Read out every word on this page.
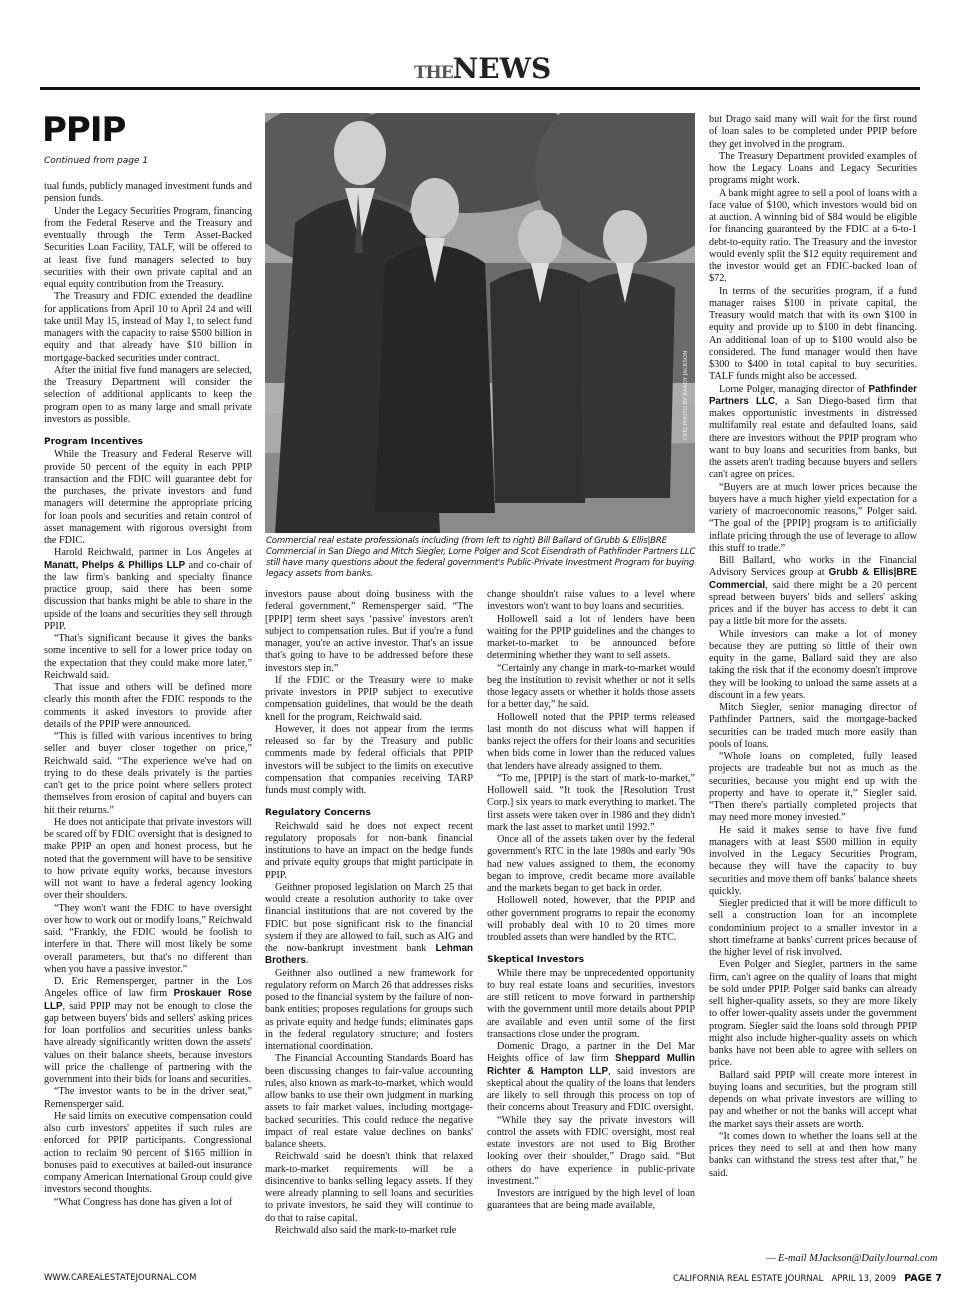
THENEWS
PPIP
Continued from page 1
CREJ PHOTO BY RANDY JACKSON
Commercial real estate professionals including (from left to right) Bill Ballard of Grubb & Ellis|BRE Commercial in San Diego and Mitch Siegler, Lorne Polger and Scot Eisendrath of Pathfinder Partners LLC still have many questions about the federal government's Public-Private Investment Program for buying legacy assets from banks.

tual funds, publicly managed investment funds and pension funds.

Under the Legacy Securities Program, financing from the Federal Reserve and the Treasury and eventually through the Term Asset-Backed Securities Loan Facility, TALF, will be offered to at least five fund managers selected to buy securities with their own private capital and an equal equity contribution from the Treasury.

The Treasury and FDIC extended the deadline for applications from April 10 to April 24 and will take until May 15, instead of May 1, to select fund managers with the capacity to raise $500 billion in equity and that already have $10 billion in mortgage-backed securities under contract.

After the initial five fund managers are selected, the Treasury Department will consider the selection of additional applicants to keep the program open to as many large and small private investors as possible.

Program Incentives

While the Treasury and Federal Reserve will provide 50 percent of the equity in each PPIP transaction and the FDIC will guarantee debt for the purchases, the private investors and fund managers will determine the appropriate pricing for loan pools and securities and retain control of asset management with rigorous oversight from the FDIC.

Harold Reichwald, partner in Los Angeles at Manatt, Phelps & Phillips LLP and co-chair of the law firm's banking and specialty finance practice group, said there has been some discussion that banks might be able to share in the upside of the loans and securities they sell through PPIP.

“That's significant because it gives the banks some incentive to sell for a lower price today on the expectation that they could make more later,” Reichwald said.

That issue and others will be defined more clearly this month after the FDIC responds to the comments it asked investors to provide after details of the PPIP were announced.

“This is filled with various incentives to bring seller and buyer closer together on price,” Reichwald said. “The experience we've had on trying to do these deals privately is the parties can't get to the price point where sellers protect themselves from erosion of capital and buyers can hit their returns.”

He does not anticipate that private investors will be scared off by FDIC oversight that is designed to make PPIP an open and honest process, but he noted that the government will have to be sensitive to how private equity works, because investors will not want to have a federal agency looking over their shoulders.

“They won't want the FDIC to have oversight over how to work out or modify loans,” Reichwald said. “Frankly, the FDIC would be foolish to interfere in that. There will most likely be some overall parameters, but that's no different than when you have a passive investor.”

D. Eric Remensperger, partner in the Los Angeles office of law firm Proskauer Rose LLP, said PPIP may not be enough to close the gap between buyers' bids and sellers' asking prices for loan portfolios and securities unless banks have already significantly written down the assets' values on their balance sheets, because investors will price the challenge of partnering with the government into their bids for loans and securities.

“The investor wants to be in the driver seat,” Remensperger said.

He said limits on executive compensation could also curb investors' appetites if such rules are enforced for PPIP participants. Congressional action to reclaim 90 percent of $165 million in bonuses paid to executives at bailed-out insurance company American International Group could give investors second thoughts.

“What Congress has done has given a lot of

investors pause about doing business with the federal government,” Remensperger said. “The [PPIP] term sheet says ‘passive' investors aren't subject to compensation rules. But if you're a fund manager, you're an active investor. That's an issue that's going to have to be addressed before these investors step in.”

If the FDIC or the Treasury were to make private investors in PPIP subject to executive compensation guidelines, that would be the death knell for the program, Reichwald said.

However, it does not appear from the terms released so far by the Treasury and public comments made by federal officials that PPIP investors will be subject to the limits on executive compensation that companies receiving TARP funds must comply with.

Regulatory Concerns

Reichwald said he does not expect recent regulatory proposals for non-bank financial institutions to have an impact on the hedge funds and private equity groups that might participate in PPIP.

Geithner proposed legislation on March 25 that would create a resolution authority to take over financial institutions that are not covered by the FDIC but pose significant risk to the financial system if they are allowed to fail, such as AIG and the now-bankrupt investment bank Lehman Brothers.

Geithner also outlined a new framework for regulatory reform on March 26 that addresses risks posed to the financial system by the failure of non-bank entities; proposes regulations for groups such as private equity and hedge funds; eliminates gaps in the federal regulatory structure; and fosters international coordination.

The Financial Accounting Standards Board has been discussing changes to fair-value accounting rules, also known as mark-to-market, which would allow banks to use their own judgment in marking assets to fair market values, including mortgage-backed securities. This could reduce the negative impact of real estate value declines on banks' balance sheets.

Reichwald said he doesn't think that relaxed mark-to-market requirements will be a disincentive to banks selling legacy assets. If they were already planning to sell loans and securities to private investors, he said they will continue to do that to raise capital.

Reichwald also said the mark-to-market rule

change shouldn't raise values to a level where investors won't want to buy loans and securities.

Hollowell said a lot of lenders have been waiting for the PPIP guidelines and the changes to market-to-market to be announced before determining whether they want to sell assets.

“Certainly any change in mark-to-market would beg the institution to revisit whether or not it sells those legacy assets or whether it holds those assets for a better day,” he said.

Hollowell noted that the PPIP terms released last month do not discuss what will happen if banks reject the offers for their loans and securities when bids come in lower than the reduced values that lenders have already assigned to them.

“To me, [PPIP] is the start of mark-to-market,” Hollowell said. “It took the [Resolution Trust Corp.] six years to mark everything to market. The first assets were taken over in 1986 and they didn't mark the last asset to market until 1992.”

Once all of the assets taken over by the federal government's RTC in the late 1980s and early '90s had new values assigned to them, the economy began to improve, credit became more available and the markets began to get back in order.

Hollowell noted, however, that the PPIP and other government programs to repair the economy will probably deal with 10 to 20 times more troubled assets than were handled by the RTC.

Skeptical Investors

While there may be unprecedented opportunity to buy real estate loans and securities, investors are still reticent to move forward in partnership with the government until more details about PPIP are available and even until some of the first transactions close under the program.

Domenic Drago, a partner in the Del Mar Heights office of law firm Sheppard Mullin Richter & Hampton LLP, said investors are skeptical about the quality of the loans that lenders are likely to sell through this process on top of their concerns about Treasury and FDIC oversight.

“While they say the private investors will control the assets with FDIC oversight, most real estate investors are not used to Big Brother looking over their shoulder,” Drago said. “But others do have experience in public-private investment.”

Investors are intrigued by the high level of loan guarantees that are being made available,

but Drago said many will wait for the first round of loan sales to be completed under PPIP before they get involved in the program.

The Treasury Department provided examples of how the Legacy Loans and Legacy Securities programs might work.

A bank might agree to sell a pool of loans with a face value of $100, which investors would bid on at auction. A winning bid of $84 would be eligible for financing guaranteed by the FDIC at a 6-to-1 debt-to-equity ratio. The Treasury and the investor would evenly split the $12 equity requirement and the investor would get an FDIC-backed loan of $72.

In terms of the securities program, if a fund manager raises $100 in private capital, the Treasury would match that with its own $100 in equity and provide up to $100 in debt financing. An additional loan of up to $100 would also be considered. The fund manager would then have $300 to $400 in total capital to buy securities. TALF funds might also be accessed.

Lorne Polger, managing director of Pathfinder Partners LLC, a San Diego-based firm that makes opportunistic investments in distressed multifamily real estate and defaulted loans, said there are investors without the PPIP program who want to buy loans and securities from banks, but the assets aren't trading because buyers and sellers can't agree on prices.

“Buyers are at much lower prices because the buyers have a much higher yield expectation for a variety of macroeconomic reasons,” Polger said. “The goal of the [PPIP] program is to artificially inflate pricing through the use of leverage to allow this stuff to trade.”

Bill Ballard, who works in the Financial Advisory Services group at Grubb & Ellis|BRE Commercial, said there might be a 20 percent spread between buyers' bids and sellers' asking prices and if the buyer has access to debt it can pay a little bit more for the assets.

While investors can make a lot of money because they are putting so little of their own equity in the game, Ballard said they are also taking the risk that if the economy doesn't improve they will be looking to unload the same assets at a discount in a few years.

Mitch Siegler, senior managing director of Pathfinder Partners, said the mortgage-backed securities can be traded much more easily than pools of loans.

“Whole loans on completed, fully leased projects are tradeable but not as much as the securities, because you might end up with the property and have to operate it,” Siegler said. “Then there's partially completed projects that may need more money invested.”

He said it makes sense to have five fund managers with at least $500 million in equity involved in the Legacy Securities Program, because they will have the capacity to buy securities and move them off banks' balance sheets quickly.

Siegler predicted that it will be more difficult to sell a construction loan for an incomplete condominium project to a smaller investor in a short timeframe at banks' current prices because of the higher level of risk involved.

Even Polger and Siegler, partners in the same firm, can't agree on the quality of loans that might be sold under PPIP. Polger said banks can already sell higher-quality assets, so they are more likely to offer lower-quality assets under the government program. Siegler said the loans sold through PPIP might also include higher-quality assets on which banks have not been able to agree with sellers on price.

Ballard said PPIP will create more interest in buying loans and securities, but the program still depends on what private investors are willing to pay and whether or not the banks will accept what the market says their assets are worth.

“It comes down to whether the loans sell at the prices they need to sell at and then how many banks can withstand the stress test after that,” he said.

— E-mail MJackson@DailyJournal.com
WWW.CAREALESTATEJOURNAL.COM	CALIFORNIA REAL ESTATE JOURNAL APRIL 13, 2009 PAGE 7
